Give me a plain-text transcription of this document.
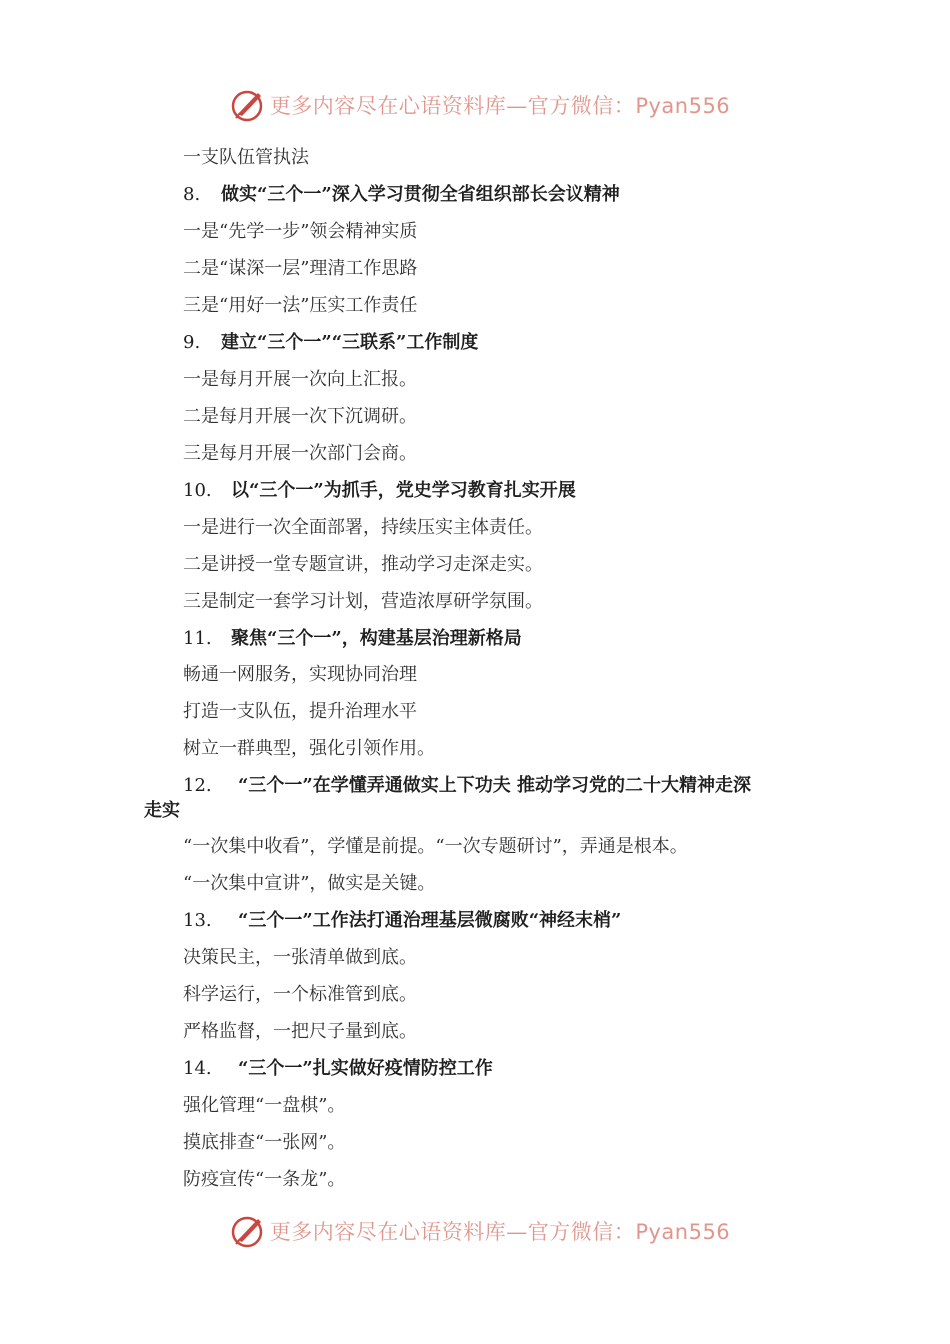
更多内容尽在心语资料库—官方微信：Pyan556
一支队伍管执法
8. 做实“三个一”深入学习贯彻全省组织部长会议精神
一是“先学一步”领会精神实质
二是“谋深一层”理清工作思路
三是“用好一法”压实工作责任
9. 建立“三个一”“三联系”工作制度
一是每月开展一次向上汇报。
二是每月开展一次下沉调研。
三是每月开展一次部门会商。
10. 以“三个一”为抓手，党史学习教育扎实开展
一是进行一次全面部署，持续压实主体责任。
二是讲授一堂专题宣讲，推动学习走深走实。
三是制定一套学习计划，营造浓厚研学氛围。
11. 聚焦“三个一”，构建基层治理新格局
畅通一网服务，实现协同治理
打造一支队伍，提升治理水平
树立一群典型，强化引领作用。
12. “三个一”在学懂弄通做实上下功夫 推动学习党的二十大精神走深
走实
“一次集中收看”，学懂是前提。“一次专题研讨”，弄通是根本。
“一次集中宣讲”，做实是关键。
13. “三个一”工作法打通治理基层微腐败“神经末梢”
决策民主，一张清单做到底。
科学运行，一个标准管到底。
严格监督，一把尺子量到底。
14. “三个一”扎实做好疫情防控工作
强化管理“一盘棋”。
摸底排查“一张网”。
防疫宣传“一条龙”。
更多内容尽在心语资料库—官方微信：Pyan556
